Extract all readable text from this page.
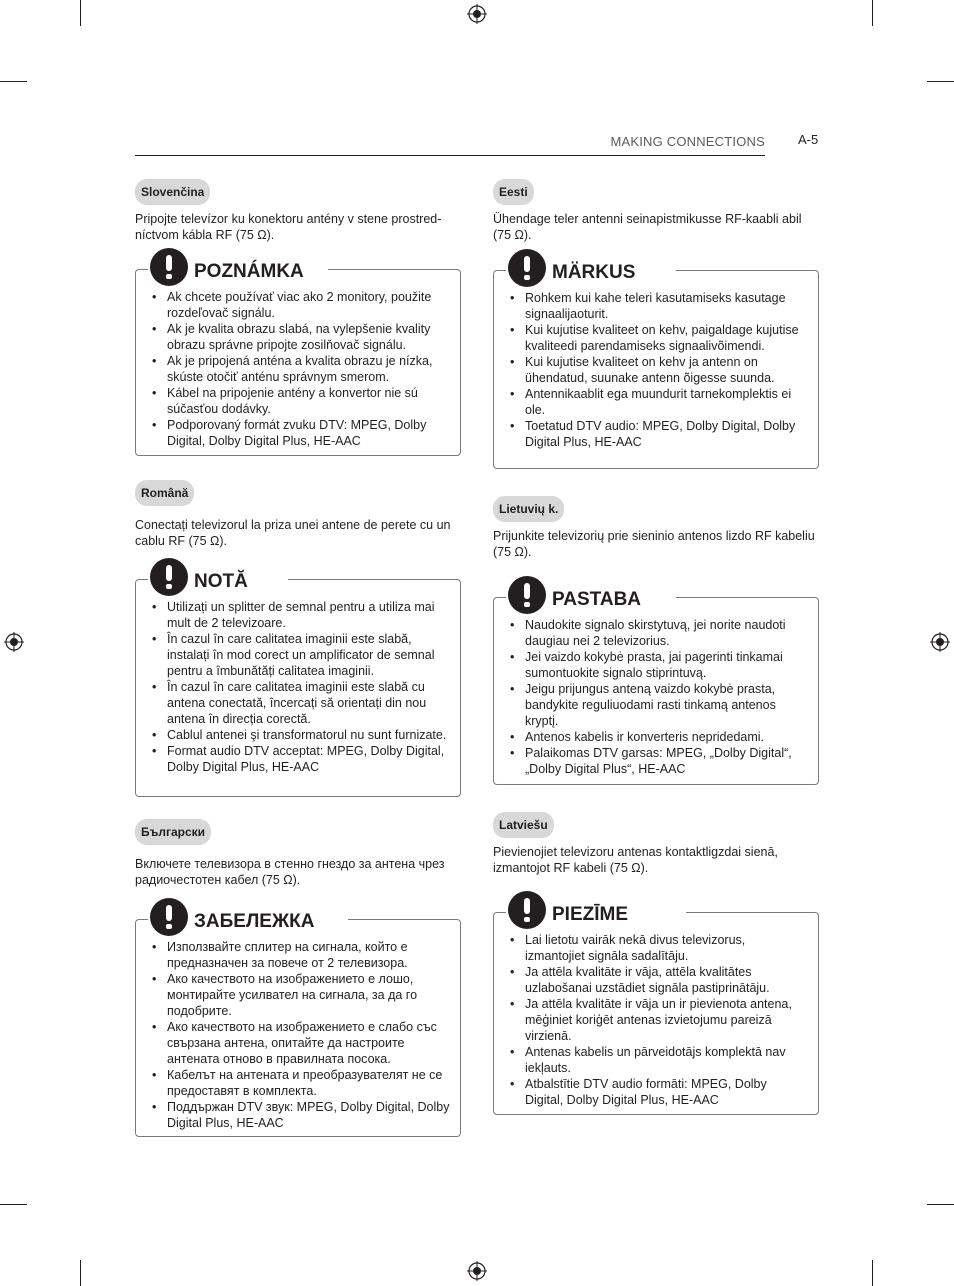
MAKING CONNECTIONS	A-5
Slovenčina

Pripojte televízor ku konektoru antény v stene prostred-níctvom kábla RF (75 Ω).

POZNÁMKA
• Ak chcete používať viac ako 2 monitory, použite rozdeľovač signálu.
• Ak je kvalita obrazu slabá, na vylepšenie kvality obrazu správne pripojte zosilňovač signálu.
• Ak je pripojená anténa a kvalita obrazu je nízka, skúste otočiť anténu správnym smerom.
• Kábel na pripojenie antény a konvertor nie sú súčasťou dodávky.
• Podporovaný formát zvuku DTV: MPEG, Dolby Digital, Dolby Digital Plus, HE-AAC
Română

Conectați televizorul la priza unei antene de perete cu un cablu RF (75 Ω).

NOTĂ
• Utilizați un splitter de semnal pentru a utiliza mai mult de 2 televizoare.
• În cazul în care calitatea imaginii este slabă, instalați în mod corect un amplificator de semnal pentru a îmbunătăți calitatea imaginii.
• În cazul în care calitatea imaginii este slabă cu antena conectată, încercați să orientați din nou antena în direcția corectă.
• Cablul antenei şi transformatorul nu sunt furnizate.
• Format audio DTV acceptat: MPEG, Dolby Digital, Dolby Digital Plus, HE-AAC
Български

Включете телевизора в стенно гнездо за антена чрез радиочестотен кабел (75 Ω).

ЗАБЕЛЕЖКА
• Използвайте сплитер на сигнала, който е предназначен за повече от 2 телевизора.
• Ако качеството на изображението е лошо, монтирайте усилвател на сигнала, за да го подобрите.
• Ако качеството на изображението е слабо със свързана антена, опитайте да настроите антената отново в правилната посока.
• Кабелът на антената и преобразувателят не се предоставят в комплекта.
• Поддържан DTV звук: MPEG, Dolby Digital, Dolby Digital Plus, HE-AAC
Eesti

Ühendage teler antenni seinapistmikusse RF-kaabli abil (75 Ω).

MÄRKUS
• Rohkem kui kahe teleri kasutamiseks kasutage signaalijaoturit.
• Kui kujutise kvaliteet on kehv, paigaldage kujutise kvaliteedi parendamiseks signaalivõimendi.
• Kui kujutise kvaliteet on kehv ja antenn on ühendatud, suunake antenn õigesse suunda.
• Antennikaablit ega muundurit tarnekomplektis ei ole.
• Toetatud DTV audio: MPEG, Dolby Digital, Dolby Digital Plus, HE-AAC
Lietuvių k.

Prijunkite televizorių prie sieninio antenos lizdo RF kabeliu (75 Ω).

PASTABA
• Naudokite signalo skirstytuvą, jei norite naudoti daugiau nei 2 televizorius.
• Jei vaizdo kokybė prasta, jai pagerinti tinkamai sumontuokite signalo stiprintuvą.
• Jeigu prijungus anteną vaizdo kokybė prasta, bandykite reguliuodami rasti tinkamą antenos kryptį.
• Antenos kabelis ir konverteris nepridedami.
• Palaikomas DTV garsas: MPEG, „Dolby Digital“, „Dolby Digital Plus“, HE-AAC
Latviešu

Pievienojiet televizoru antenas kontaktligzdai sienā, izmantojot RF kabeli (75 Ω).

PIEZĪME
• Lai lietotu vairāk nekā divus televizorus, izmantojiet signāla sadalītāju.
• Ja attēla kvalitāte ir vāja, attēla kvalitātes uzlabošanai uzstādiet signāla pastiprinātāju.
• Ja attēla kvalitāte ir vāja un ir pievienota antena, mēģiniet koriģēt antenas izvietojumu pareizā virzienā.
• Antenas kabelis un pārveidotājs komplektā nav iekļauts.
• Atbalstītie DTV audio formāti: MPEG, Dolby Digital, Dolby Digital Plus, HE-AAC
